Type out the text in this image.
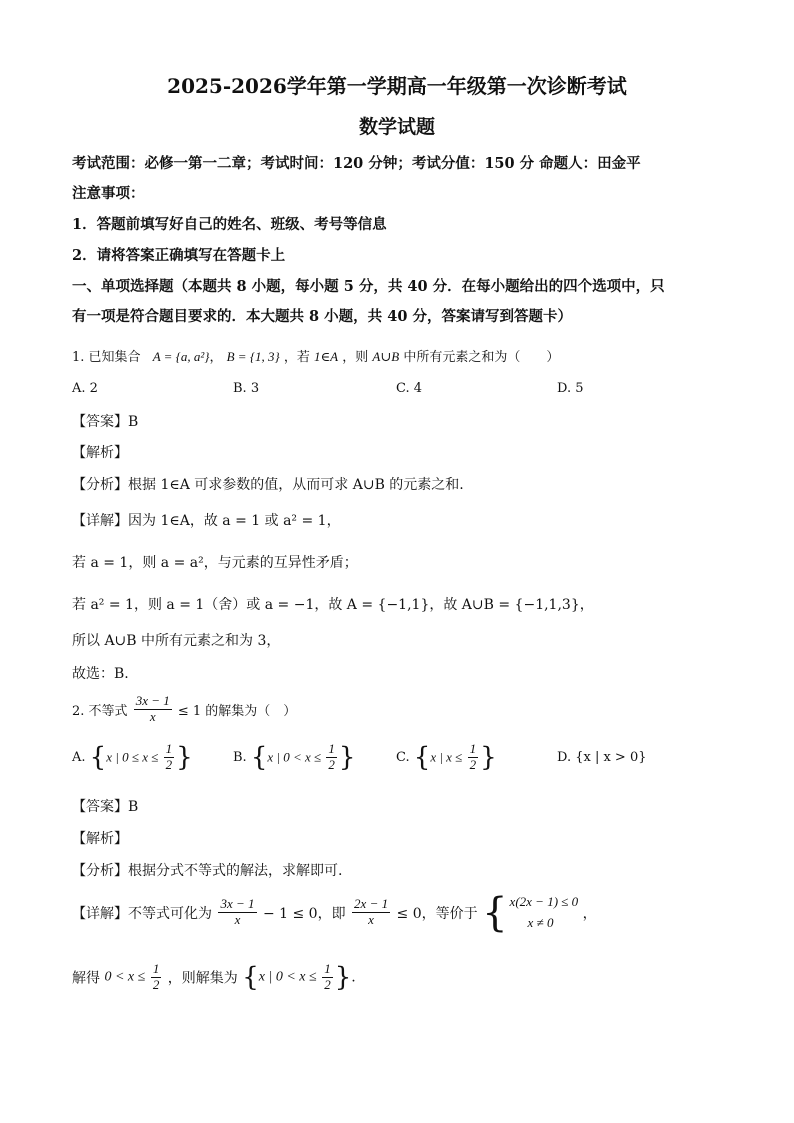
2025-2026学年第一学期高一年级第一次诊断考试
数学试题
考试范围：必修一第一二章；考试时间：120 分钟；考试分值：150 分 命题人：田金平
注意事项：
1．答题前填写好自己的姓名、班级、考号等信息
2．请将答案正确填写在答题卡上
一、单项选择题（本题共 8 小题，每小题 5 分，共 40 分．在每小题给出的四个选项中，只
有一项是符合题目要求的．本大题共 8 小题，共 40 分，答案请写到答题卡）
1. 已知集合 A = {a, a²}， B = {1, 3} ，若 1∈A ，则 A∪B 中所有元素之和为（　　）
A. 2	B. 3	C. 4	D. 5
【答案】B
【解析】
【分析】根据 1∈A 可求参数的值，从而可求 A∪B 的元素之和.
【详解】因为 1∈A，故 a = 1 或 a² = 1，
若 a = 1，则 a = a²，与元素的互异性矛盾；
若 a² = 1，则 a = 1（舍）或 a = −1，故 A = {−1,1}，故 A∪B = {−1,1,3}，
所以 A∪B 中所有元素之和为 3，
故选：B.
2. 不等式 $\frac{3x - 1}{x} \le 1$ 的解集为（　）
A. {x | $0 \le x \le \frac{1}{2}$ }	B. {x | $0 < x \le \frac{1}{2}$ }	C. {x | $x \le \frac{1}{2}$ }	D. {x | x > 0}
【答案】B
【解析】
【分析】根据分式不等式的解法，求解即可.
【详解】不等式可化为 $\frac{3x - 1}{x} - 1 \le 0$，即 $\frac{2x - 1}{x} \le 0$，等价于 { x(2x − 1) ≤ 0
x ≠ 0
，
解得 $0 < x \le \frac{1}{2}$ ，则解集为 {x | $0 < x \le \frac{1}{2}$ }.
